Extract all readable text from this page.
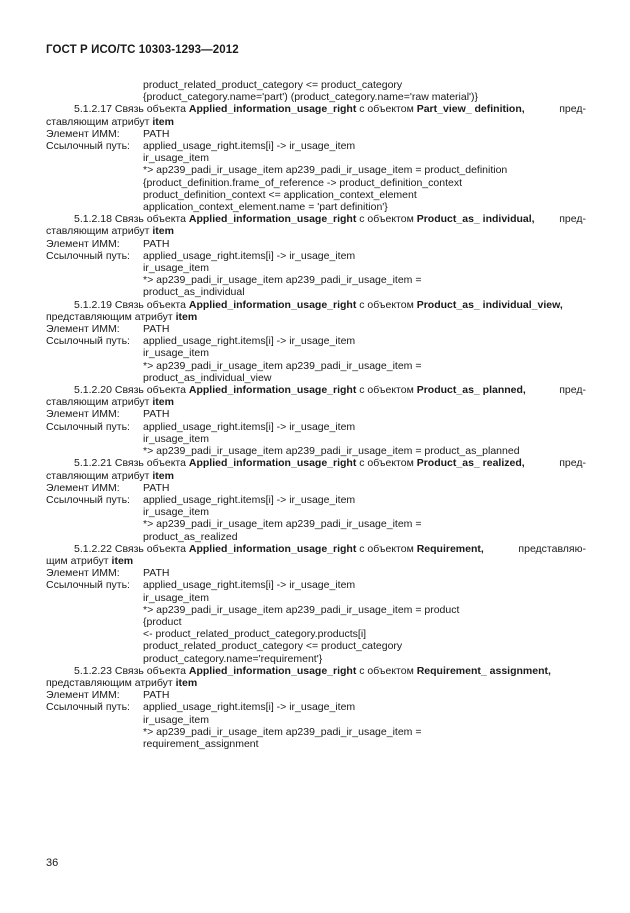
ГОСТ Р ИСО/ТС 10303-1293—2012
product_related_product_category <= product_category
{product_category.name='part') (product_category.name='raw material')}
5.1.2.17 Связь объекта Applied_information_usage_right с объектом Part_view_ definition,	пред-
ставляющим атрибут item
Элемент ИММ: PATH
Ссылочный путь: applied_usage_right.items[i] -> ir_usage_item
ir_usage_item
*> ap239_padi_ir_usage_item ap239_padi_ir_usage_item = product_definition
{product_definition.frame_of_reference -> product_definition_context
product_definition_context <= application_context_element
application_context_element.name = 'part definition'}
5.1.2.18 Связь объекта Applied_information_usage_right с объектом Product_as_ individual, пред-
ставляющим атрибут item
Элемент ИММ: PATH
Ссылочный путь: applied_usage_right.items[i] -> ir_usage_item
ir_usage_item
*> ap239_padi_ir_usage_item ap239_padi_ir_usage_item =
product_as_individual
5.1.2.19 Связь объекта Applied_information_usage_right с объектом Product_as_ individual_view,
представляющим атрибут item
Элемент ИММ: PATH
Ссылочный путь: applied_usage_right.items[i] -> ir_usage_item
ir_usage_item
*> ap239_padi_ir_usage_item ap239_padi_ir_usage_item =
product_as_individual_view
5.1.2.20 Связь объекта Applied_information_usage_right с объектом Product_as_ planned,	пред-
ставляющим атрибут item
Элемент ИММ: PATH
Ссылочный путь: applied_usage_right.items[i] -> ir_usage_item
ir_usage_item
*> ap239_padi_ir_usage_item ap239_padi_ir_usage_item = product_as_planned
5.1.2.21 Связь объекта Applied_information_usage_right с объектом Product_as_ realized,	пред-
ставляющим атрибут item
Элемент ИММ: PATH
Ссылочный путь: applied_usage_right.items[i] -> ir_usage_item
ir_usage_item
*> ap239_padi_ir_usage_item ap239_padi_ir_usage_item =
product_as_realized
5.1.2.22 Связь объекта Applied_information_usage_right с объектом Requirement,	представляю-
щим атрибут item
Элемент ИММ: PATH
Ссылочный путь: applied_usage_right.items[i] -> ir_usage_item
ir_usage_item
*> ap239_padi_ir_usage_item ap239_padi_ir_usage_item = product
{product
<- product_related_product_category.products[i]
product_related_product_category <= product_category
product_category.name='requirement'}
5.1.2.23 Связь объекта Applied_information_usage_right с объектом Requirement_ assignment,
представляющим атрибут item
Элемент ИММ: PATH
Ссылочный путь: applied_usage_right.items[i] -> ir_usage_item
ir_usage_item
*> ap239_padi_ir_usage_item ap239_padi_ir_usage_item =
requirement_assignment
36
